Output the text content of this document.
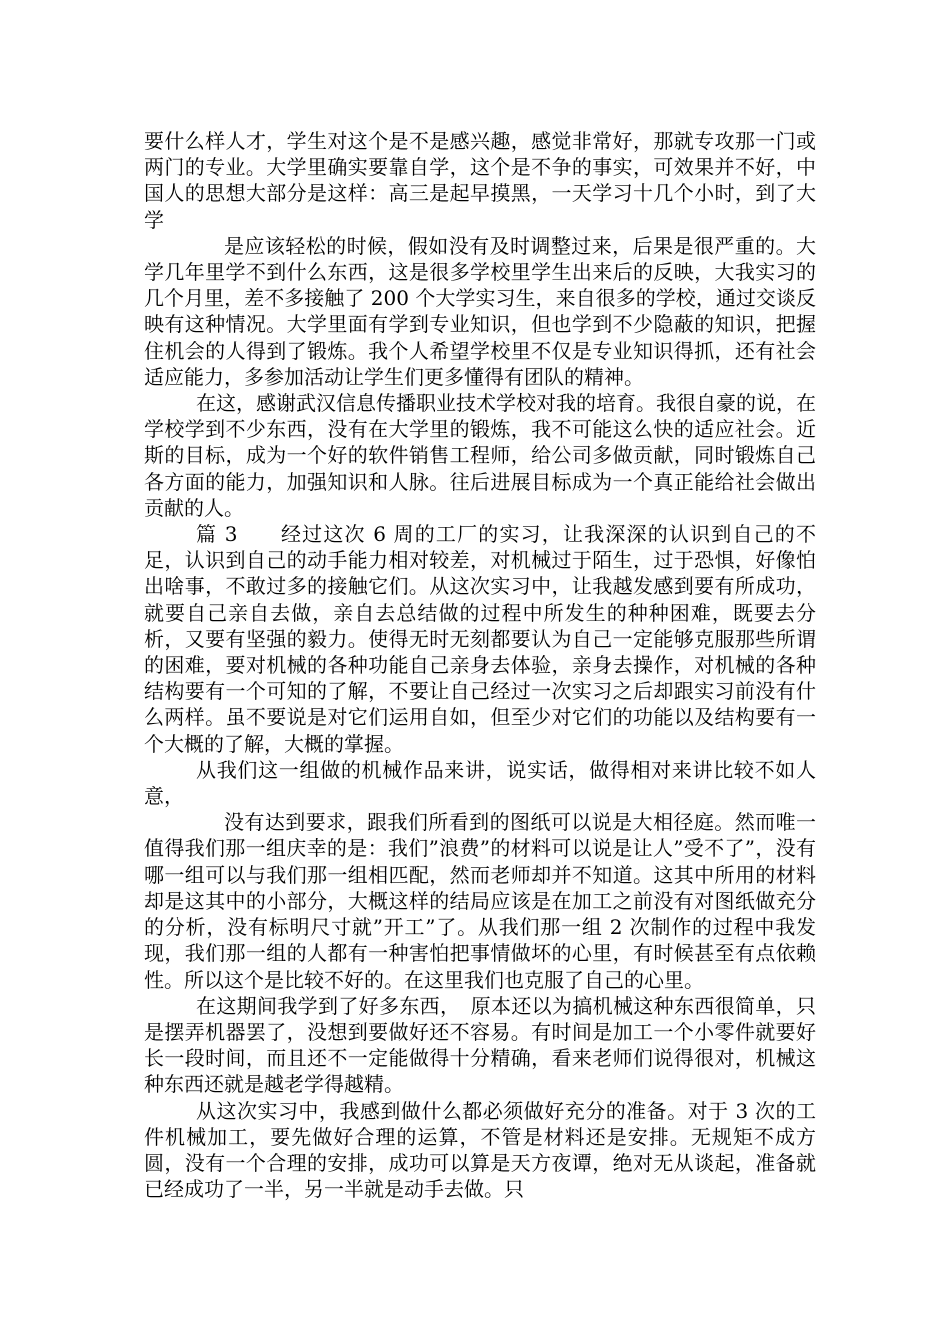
要什么样人才，学生对这个是不是感兴趣，感觉非常好，那就专攻那一门或两门的专业。大学里确实要靠自学，这个是不争的事实，可效果并不好，中国人的思想大部分是这样：高三是起早摸黑，一天学习十几个小时，到了大学

是应该轻松的时候，假如没有及时调整过来，后果是很严重的。大学几年里学不到什么东西，这是很多学校里学生出来后的反映，大我实习的几个月里，差不多接触了 200 个大学实习生，来自很多的学校，通过交谈反映有这种情况。大学里面有学到专业知识，但也学到不少隐蔽的知识，把握住机会的人得到了锻炼。我个人希望学校里不仅是专业知识得抓，还有社会适应能力，多参加活动让学生们更多懂得有团队的精神。

在这，感谢武汉信息传播职业技术学校对我的培育。我很自豪的说，在学校学到不少东西，没有在大学里的锻炼，我不可能这么快的适应社会。近斯的目标，成为一个好的软件销售工程师，给公司多做贡献，同时锻炼自己各方面的能力，加强知识和人脉。往后进展目标成为一个真正能给社会做出贡献的人。

篇 3　　经过这次 6 周的工厂的实习，让我深深的认识到自己的不足，认识到自己的动手能力相对较差，对机械过于陌生，过于恐惧，好像怕出啥事，不敢过多的接触它们。从这次实习中，让我越发感到要有所成功，就要自己亲自去做，亲自去总结做的过程中所发生的种种困难，既要去分析，又要有坚强的毅力。使得无时无刻都要认为自己一定能够克服那些所谓的困难，要对机械的各种功能自己亲身去体验，亲身去操作，对机械的各种结构要有一个可知的了解，不要让自己经过一次实习之后却跟实习前没有什么两样。虽不要说是对它们运用自如，但至少对它们的功能以及结构要有一个大概的了解，大概的掌握。

从我们这一组做的机械作品来讲，说实话，做得相对来讲比较不如人意，

没有达到要求，跟我们所看到的图纸可以说是大相径庭。然而唯一值得我们那一组庆幸的是：我们”浪费”的材料可以说是让人”受不了”，没有哪一组可以与我们那一组相匹配，然而老师却并不知道。这其中所用的材料却是这其中的小部分，大概这样的结局应该是在加工之前没有对图纸做充分的分析，没有标明尺寸就”开工”了。从我们那一组 2 次制作的过程中我发现，我们那一组的人都有一种害怕把事情做坏的心里，有时候甚至有点依赖性。所以这个是比较不好的。在这里我们也克服了自己的心里。

在这期间我学到了好多东西，　原本还以为搞机械这种东西很简单，只是摆弄机器罢了，没想到要做好还不容易。有时间是加工一个小零件就要好长一段时间，而且还不一定能做得十分精确，看来老师们说得很对，机械这种东西还就是越老学得越精。

从这次实习中，我感到做什么都必须做好充分的准备。对于 3 次的工件机械加工，要先做好合理的运算，不管是材料还是安排。无规矩不成方圆，没有一个合理的安排，成功可以算是天方夜谭，绝对无从谈起，准备就已经成功了一半，另一半就是动手去做。只
